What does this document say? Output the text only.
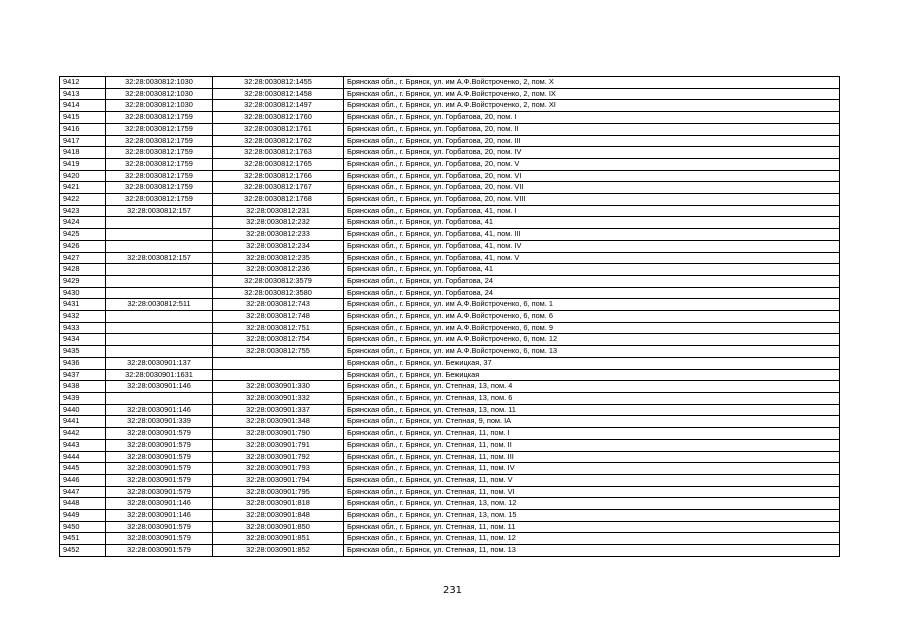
9412	32:28:0030812:1030	32:28:0030812:1455	Брянская обл., г. Брянск, ул. им А.Ф.Войстроченко, 2, пом. X
9413	32:28:0030812:1030	32:28:0030812:1458	Брянская обл., г. Брянск, ул. им А.Ф.Войстроченко, 2, пом. IX
9414	32:28:0030812:1030	32:28:0030812:1497	Брянская обл., г. Брянск, ул. им А.Ф.Войстроченко, 2, пом. XI
9415	32:28:0030812:1759	32:28:0030812:1760	Брянская обл., г. Брянск, ул. Горбатова, 20, пом. I
9416	32:28:0030812:1759	32:28:0030812:1761	Брянская обл., г. Брянск, ул. Горбатова, 20, пом. II
9417	32:28:0030812:1759	32:28:0030812:1762	Брянская обл., г. Брянск, ул. Горбатова, 20, пом. III
9418	32:28:0030812:1759	32:28:0030812:1763	Брянская обл., г. Брянск, ул. Горбатова, 20, пом. IV
9419	32:28:0030812:1759	32:28:0030812:1765	Брянская обл., г. Брянск, ул. Горбатова, 20, пом. V
9420	32:28:0030812:1759	32:28:0030812:1766	Брянская обл., г. Брянск, ул. Горбатова, 20, пом. VI
9421	32:28:0030812:1759	32:28:0030812:1767	Брянская обл., г. Брянск, ул. Горбатова, 20, пом. VII
9422	32:28:0030812:1759	32:28:0030812:1768	Брянская обл., г. Брянск, ул. Горбатова, 20, пом. VIII
9423	32:28:0030812:157	32:28:0030812:231	Брянская обл., г. Брянск, ул. Горбатова, 41, пом. I
9424		32:28:0030812:232	Брянская обл., г. Брянск, ул. Горбатова, 41
9425		32:28:0030812:233	Брянская обл., г. Брянск, ул. Горбатова, 41, пом. III
9426		32:28:0030812:234	Брянская обл., г. Брянск, ул. Горбатова, 41, пом. IV
9427	32:28:0030812:157	32:28:0030812:235	Брянская обл., г. Брянск, ул. Горбатова, 41, пом. V
9428		32:28:0030812:236	Брянская обл., г. Брянск, ул. Горбатова, 41
9429		32:28:0030812:3579	Брянская обл., г. Брянск, ул. Горбатова, 24
9430		32:28:0030812:3580	Брянская обл., г. Брянск, ул. Горбатова, 24
9431	32:28:0030812:511	32:28:0030812:743	Брянская обл., г. Брянск, ул. им А.Ф.Войстроченко, 6, пом. 1
9432		32:28:0030812:748	Брянская обл., г. Брянск, ул. им А.Ф.Войстроченко, 6, пом. 6
9433		32:28:0030812:751	Брянская обл., г. Брянск, ул. им А.Ф.Войстроченко, 6, пом. 9
9434		32:28:0030812:754	Брянская обл., г. Брянск, ул. им А.Ф.Войстроченко, 6, пом. 12
9435		32:28:0030812:755	Брянская обл., г. Брянск, ул. им А.Ф.Войстроченко, 6, пом. 13
9436	32:28:0030901:137		Брянская обл., г. Брянск, ул. Бежицкая, 37
9437	32:28:0030901:1631		Брянская обл., г. Брянск, ул. Бежицкая
9438	32:28:0030901:146	32:28:0030901:330	Брянская обл., г. Брянск, ул. Степная, 13, пом. 4
9439		32:28:0030901:332	Брянская обл., г. Брянск, ул. Степная, 13, пом. 6
9440	32:28:0030901:146	32:28:0030901:337	Брянская обл., г. Брянск, ул. Степная, 13, пом. 11
9441	32:28:0030901:339	32:28:0030901:348	Брянская обл., г. Брянск, ул. Степная, 9, пом. IA
9442	32:28:0030901:579	32:28:0030901:790	Брянская обл., г. Брянск, ул. Степная, 11, пом. I
9443	32:28:0030901:579	32:28:0030901:791	Брянская обл., г. Брянск, ул. Степная, 11, пом. II
9444	32:28:0030901:579	32:28:0030901:792	Брянская обл., г. Брянск, ул. Степная, 11, пом. III
9445	32:28:0030901:579	32:28:0030901:793	Брянская обл., г. Брянск, ул. Степная, 11, пом. IV
9446	32:28:0030901:579	32:28:0030901:794	Брянская обл., г. Брянск, ул. Степная, 11, пом. V
9447	32:28:0030901:579	32:28:0030901:795	Брянская обл., г. Брянск, ул. Степная, 11, пом. VI
9448	32:28:0030901:146	32:28:0030901:818	Брянская обл., г. Брянск, ул. Степная, 13, пом. 12
9449	32:28:0030901:146	32:28:0030901:848	Брянская обл., г. Брянск, ул. Степная, 13, пом. 15
9450	32:28:0030901:579	32:28:0030901:850	Брянская обл., г. Брянск, ул. Степная, 11, пом. 11
9451	32:28:0030901:579	32:28:0030901:851	Брянская обл., г. Брянск, ул. Степная, 11, пом. 12
9452	32:28:0030901:579	32:28:0030901:852	Брянская обл., г. Брянск, ул. Степная, 11, пом. 13
231
